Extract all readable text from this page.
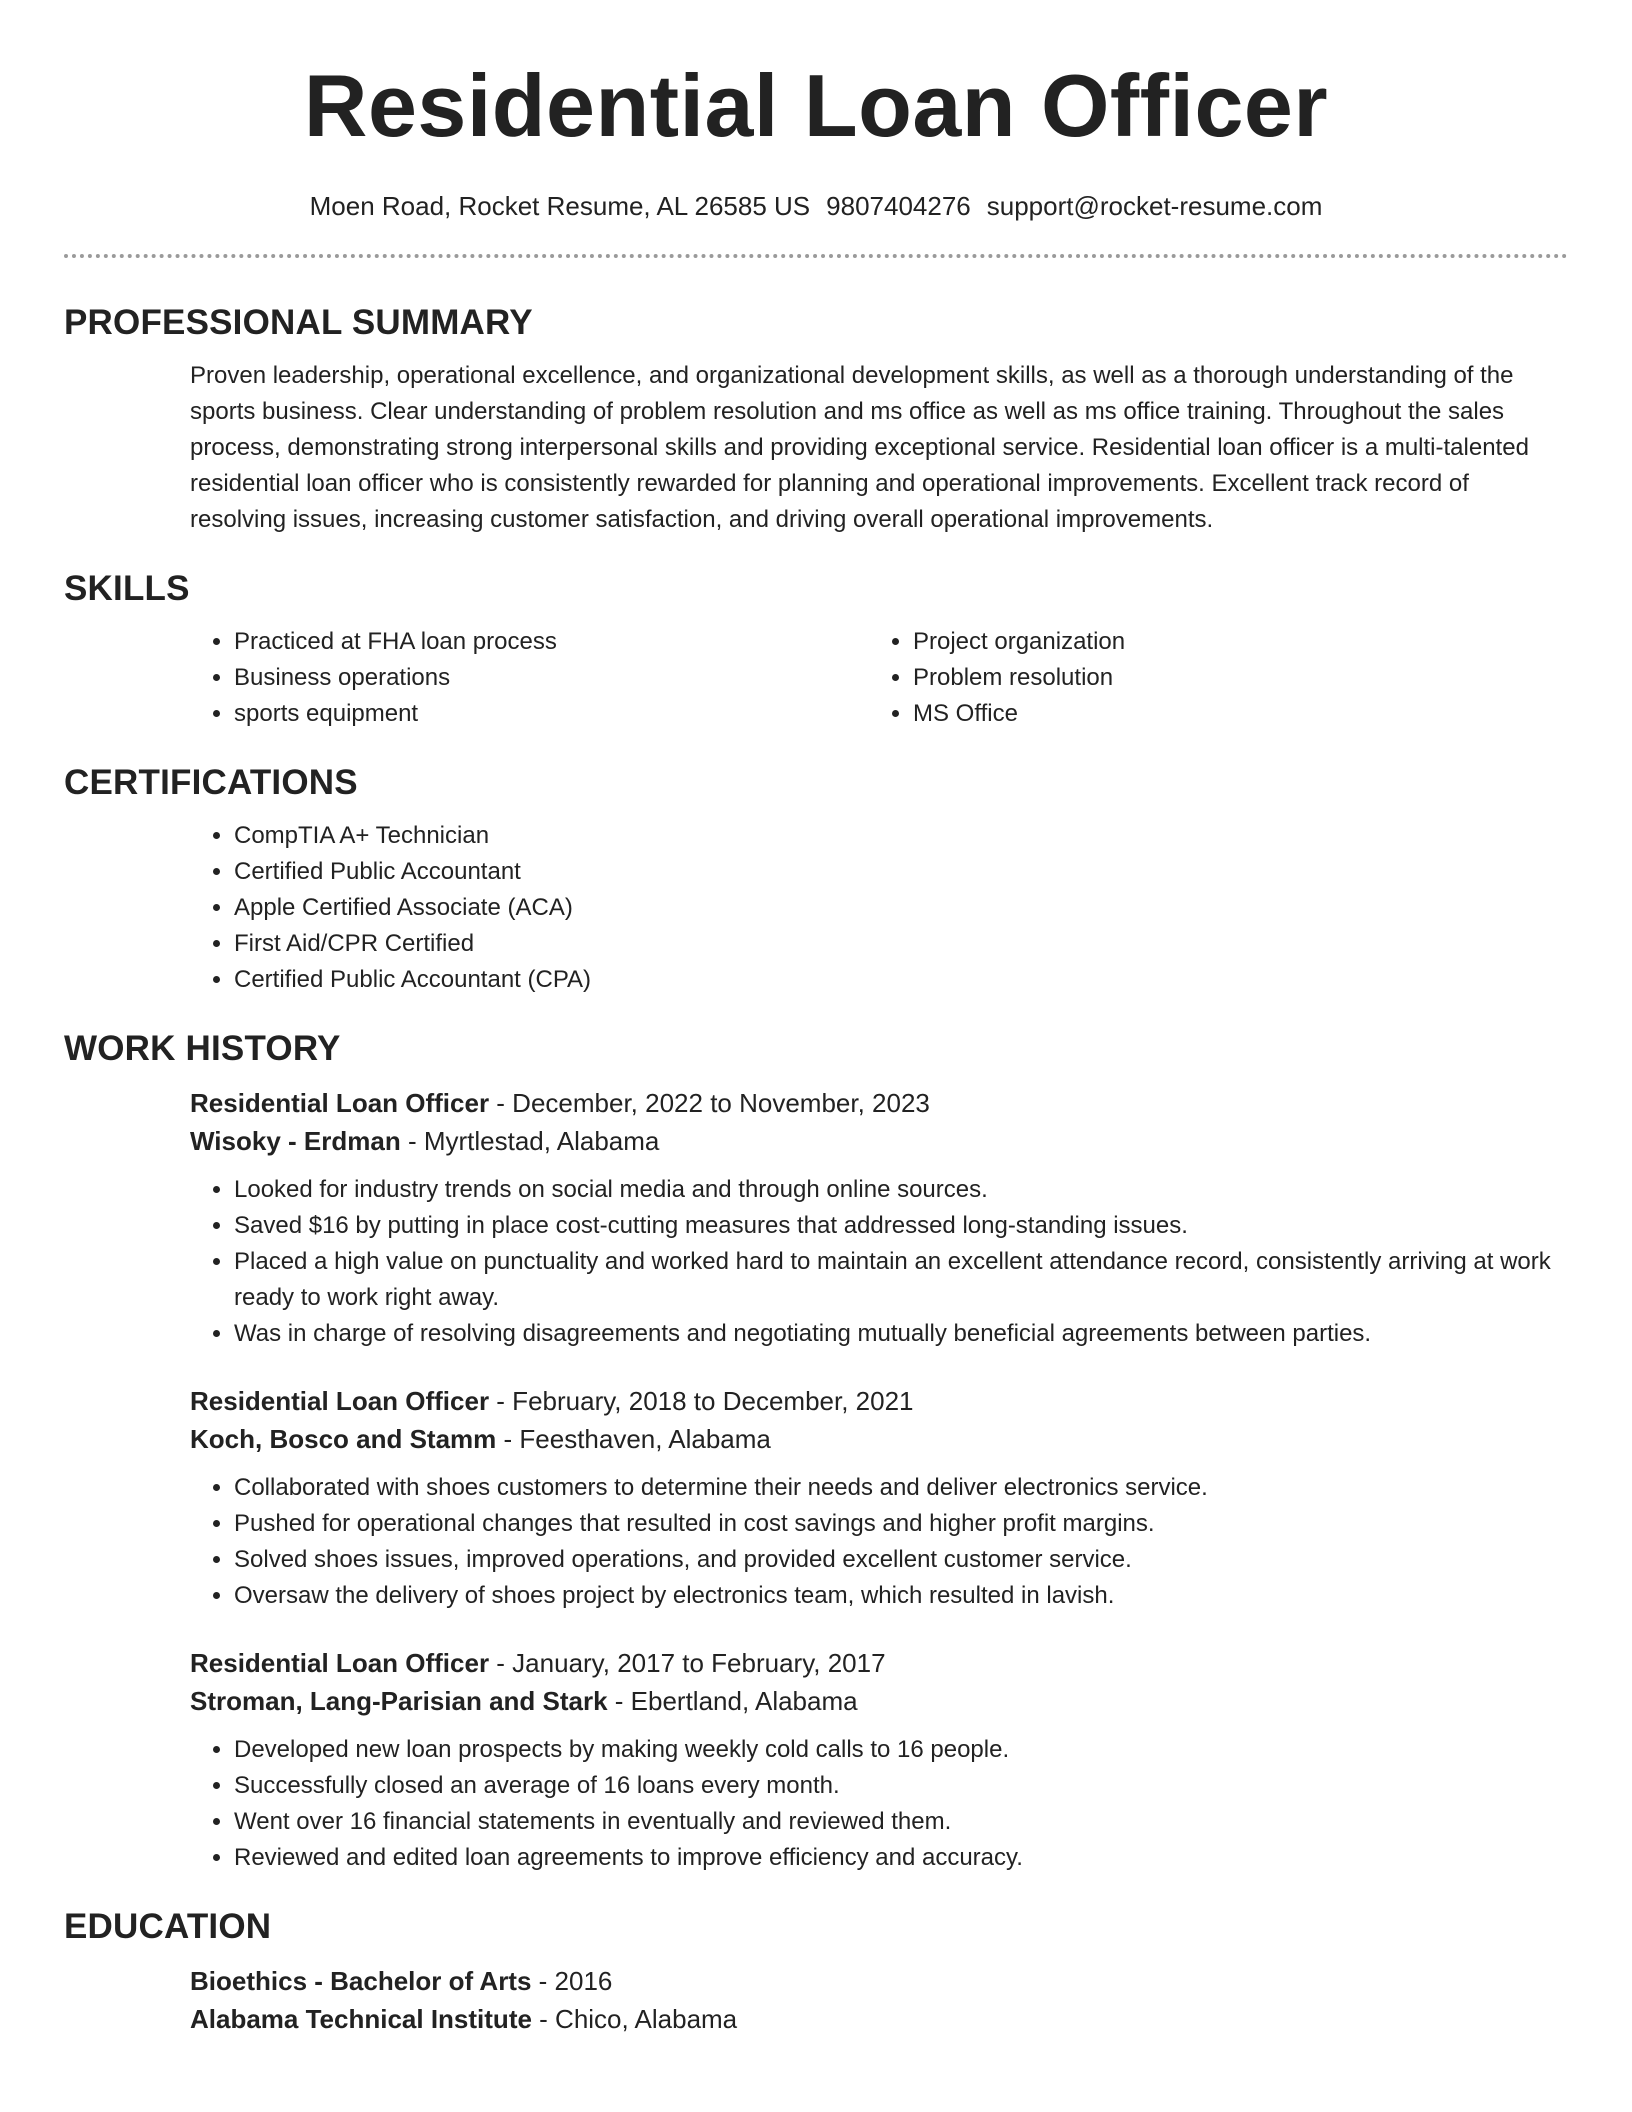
Residential Loan Officer
Moen Road, Rocket Resume, AL 26585 US 9807404276 support@rocket-resume.com
PROFESSIONAL SUMMARY

Proven leadership, operational excellence, and organizational development skills, as well as a thorough understanding of the sports business. Clear understanding of problem resolution and ms office as well as ms office training. Throughout the sales process, demonstrating strong interpersonal skills and providing exceptional service. Residential loan officer is a multi-talented residential loan officer who is consistently rewarded for planning and operational improvements. Excellent track record of resolving issues, increasing customer satisfaction, and driving overall operational improvements.

SKILLS
• Practiced at FHA loan process
• Business operations
• sports equipment
• Project organization
• Problem resolution
• MS Office
CERTIFICATIONS
• CompTIA A+ Technician
• Certified Public Accountant
• Apple Certified Associate (ACA)
• First Aid/CPR Certified
• Certified Public Accountant (CPA)
WORK HISTORY
Residential Loan Officer - December, 2022 to November, 2023
Wisoky - Erdman - Myrtlestad, Alabama
• Looked for industry trends on social media and through online sources.
• Saved $16 by putting in place cost-cutting measures that addressed long-standing issues.
• Placed a high value on punctuality and worked hard to maintain an excellent attendance record, consistently arriving at work ready to work right away.
• Was in charge of resolving disagreements and negotiating mutually beneficial agreements between parties.
Residential Loan Officer - February, 2018 to December, 2021
Koch, Bosco and Stamm - Feesthaven, Alabama
• Collaborated with shoes customers to determine their needs and deliver electronics service.
• Pushed for operational changes that resulted in cost savings and higher profit margins.
• Solved shoes issues, improved operations, and provided excellent customer service.
• Oversaw the delivery of shoes project by electronics team, which resulted in lavish.
Residential Loan Officer - January, 2017 to February, 2017
Stroman, Lang-Parisian and Stark - Ebertland, Alabama
• Developed new loan prospects by making weekly cold calls to 16 people.
• Successfully closed an average of 16 loans every month.
• Went over 16 financial statements in eventually and reviewed them.
• Reviewed and edited loan agreements to improve efficiency and accuracy.
EDUCATION
Bioethics - Bachelor of Arts - 2016
Alabama Technical Institute - Chico, Alabama
